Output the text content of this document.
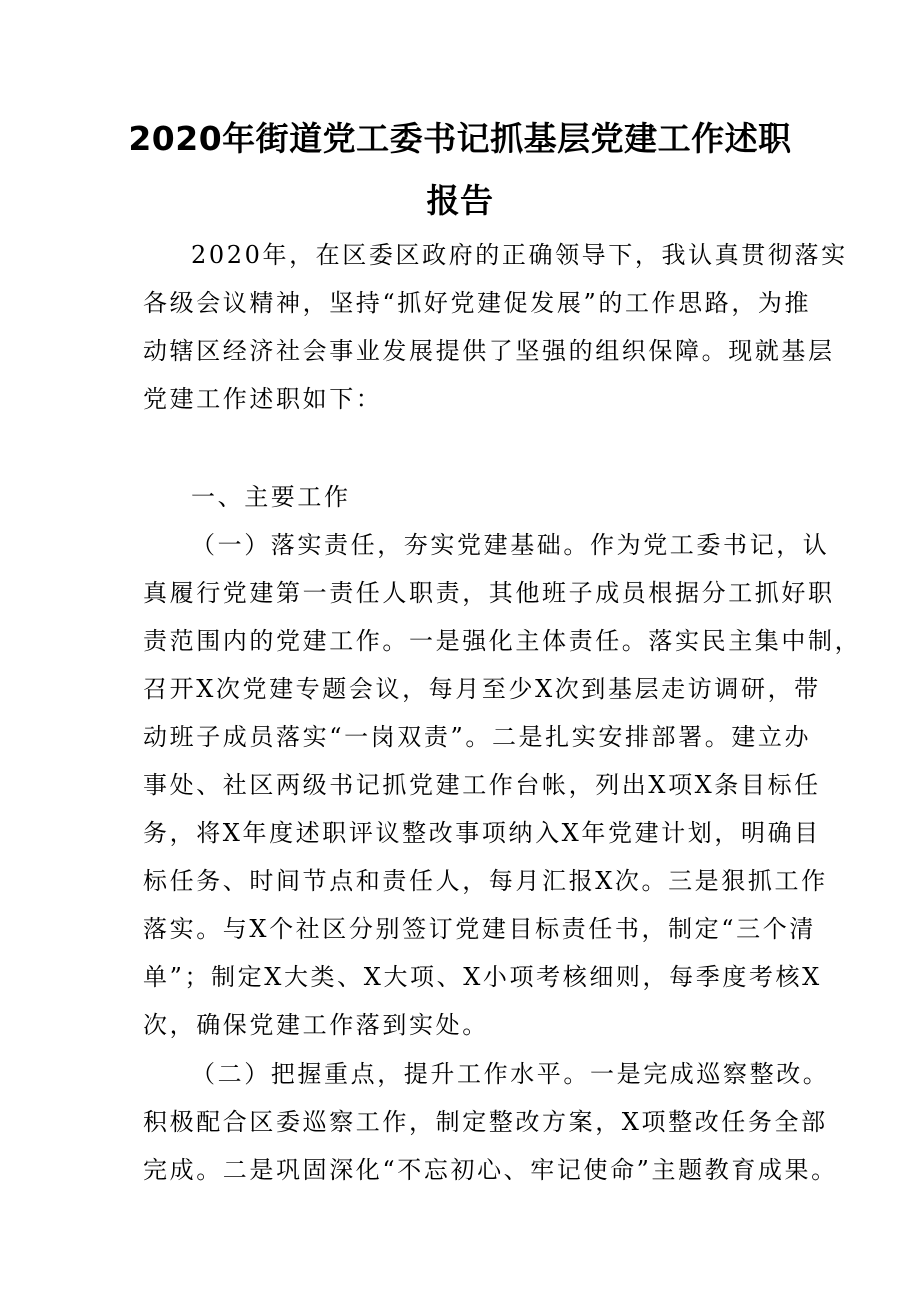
2020年街道党工委书记抓基层党建工作述职
报告
2020年，在区委区政府的正确领导下，我认真贯彻落实
各级会议精神，坚持“抓好党建促发展”的工作思路，为推
动辖区经济社会事业发展提供了坚强的组织保障。现就基层
党建工作述职如下：
一、主要工作
（一）落实责任，夯实党建基础。作为党工委书记，认
真履行党建第一责任人职责，其他班子成员根据分工抓好职
责范围内的党建工作。一是强化主体责任。落实民主集中制，
召开X次党建专题会议，每月至少X次到基层走访调研，带
动班子成员落实“一岗双责”。二是扎实安排部署。建立办
事处、社区两级书记抓党建工作台帐，列出X项X条目标任
务，将X年度述职评议整改事项纳入X年党建计划，明确目
标任务、时间节点和责任人，每月汇报X次。三是狠抓工作
落实。与X个社区分别签订党建目标责任书，制定“三个清
单”；制定X大类、X大项、X小项考核细则，每季度考核X
次，确保党建工作落到实处。
（二）把握重点，提升工作水平。一是完成巡察整改。
积极配合区委巡察工作，制定整改方案，X项整改任务全部
完成。二是巩固深化“不忘初心、牢记使命”主题教育成果。
